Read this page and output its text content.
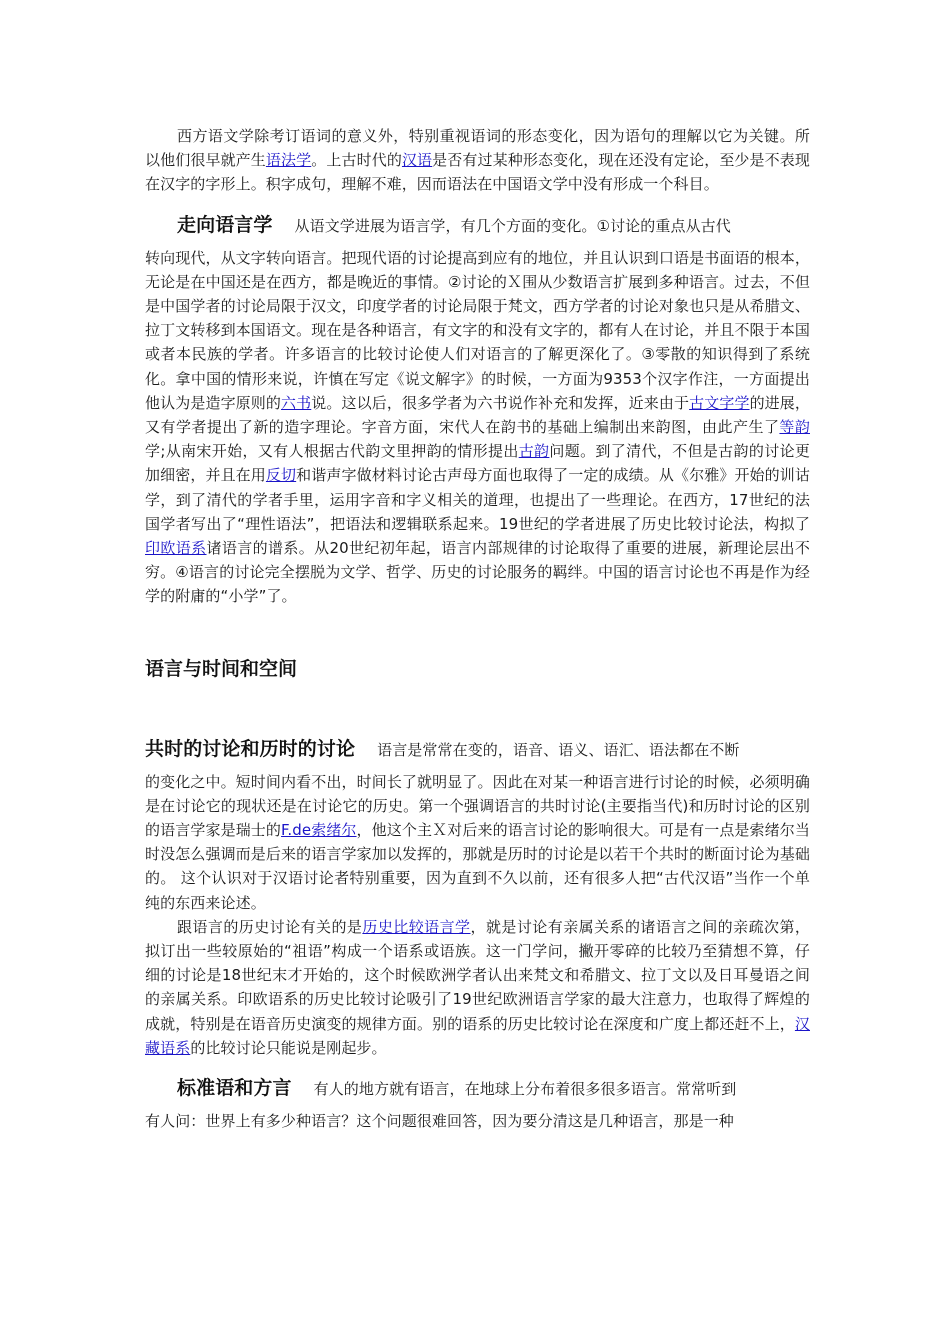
西方语文学除考订语词的意义外，特别重视语词的形态变化，因为语句的理解以它为关键。所以他们很早就产生语法学。上古时代的汉语是否有过某种形态变化，现在还没有定论，至少是不表现在汉字的字形上。积字成句，理解不难，因而语法在中国语文学中没有形成一个科目。

走向语言学 从语文学进展为语言学，有几个方面的变化。①讨论的重点从古代
转向现代，从文字转向语言。把现代语的讨论提高到应有的地位，并且认识到口语是书面语的根本，无论是在中国还是在西方，都是晚近的事情。②讨论的Ｘ围从少数语言扩展到多种语言。过去，不但是中国学者的讨论局限于汉文，印度学者的讨论局限于梵文，西方学者的讨论对象也只是从希腊文、拉丁文转移到本国语文。现在是各种语言，有文字的和没有文字的，都有人在讨论，并且不限于本国或者本民族的学者。许多语言的比较讨论使人们对语言的了解更深化了。③零散的知识得到了系统化。拿中国的情形来说，许慎在写定《说文解字》的时候，一方面为9353个汉字作注，一方面提出他认为是造字原则的六书说。这以后，很多学者为六书说作补充和发挥，近来由于古文字学的进展，又有学者提出了新的造字理论。字音方面，宋代人在韵书的基础上编制出来韵图，由此产生了等韵学;从南宋开始，又有人根据古代韵文里押韵的情形提出古韵问题。到了清代，不但是古韵的讨论更加细密，并且在用反切和谐声字做材料讨论古声母方面也取得了一定的成绩。从《尔雅》开始的训诂学，到了清代的学者手里，运用字音和字义相关的道理，也提出了一些理论。在西方，17世纪的法国学者写出了“理性语法”，把语法和逻辑联系起来。19世纪的学者进展了历史比较讨论法，构拟了印欧语系诸语言的谱系。从20世纪初年起，语言内部规律的讨论取得了重要的进展，新理论层出不穷。④语言的讨论完全摆脱为文学、哲学、历史的讨论服务的羁绊。中国的语言讨论也不再是作为经学的附庸的“小学”了。

语言与时间和空间

共时的讨论和历时的讨论 语言是常常在变的，语音、语义、语汇、语法都在不断
的变化之中。短时间内看不出，时间长了就明显了。因此在对某一种语言进行讨论的时候，必须明确是在讨论它的现状还是在讨论它的历史。第一个强调语言的共时讨论(主要指当代)和历时讨论的区别的语言学家是瑞士的F.de索绪尔，他这个主Ｘ对后来的语言讨论的影响很大。可是有一点是索绪尔当时没怎么强调而是后来的语言学家加以发挥的，那就是历时的讨论是以若干个共时的断面讨论为基础的。 这个认识对于汉语讨论者特别重要，因为直到不久以前，还有很多人把“古代汉语”当作一个单纯的东西来论述。

跟语言的历史讨论有关的是历史比较语言学，就是讨论有亲属关系的诸语言之间的亲疏次第，拟订出一些较原始的“祖语”构成一个语系或语族。这一门学问，撇开零碎的比较乃至猜想不算，仔细的讨论是18世纪末才开始的，这个时候欧洲学者认出来梵文和希腊文、拉丁文以及日耳曼语之间的亲属关系。印欧语系的历史比较讨论吸引了19世纪欧洲语言学家的最大注意力，也取得了辉煌的成就，特别是在语音历史演变的规律方面。别的语系的历史比较讨论在深度和广度上都还赶不上，汉藏语系的比较讨论只能说是刚起步。

标准语和方言 有人的地方就有语言，在地球上分布着很多很多语言。常常听到
有人问：世界上有多少种语言？这个问题很难回答，因为要分清这是几种语言，那是一种
